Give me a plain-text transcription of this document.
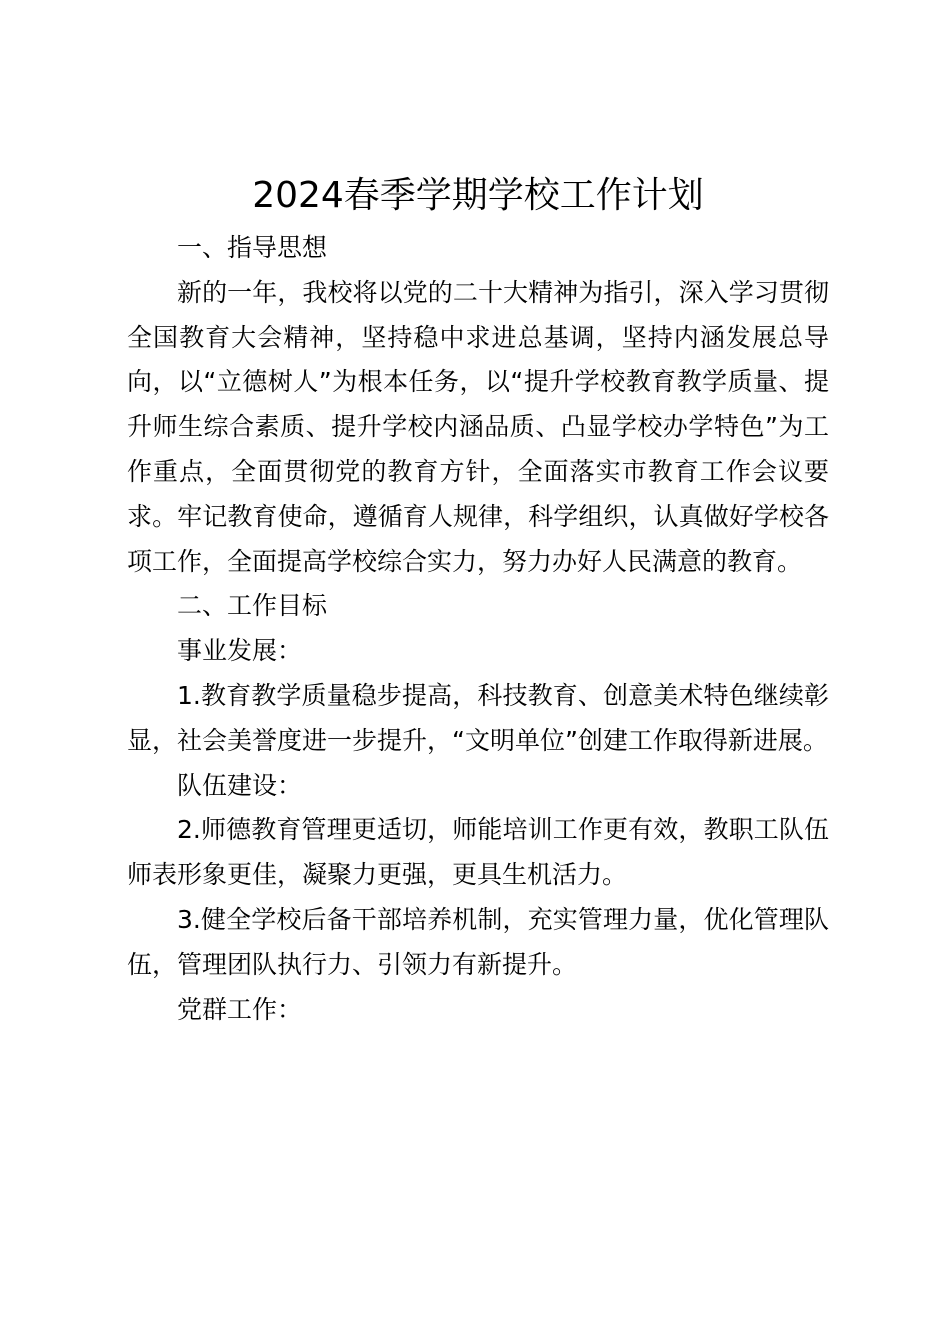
2024春季学期学校工作计划

一、指导思想

新的一年，我校将以党的二十大精神为指引，深入学习贯彻全国教育大会精神，坚持稳中求进总基调，坚持内涵发展总导向，以“立德树人”为根本任务，以“提升学校教育教学质量、提升师生综合素质、提升学校内涵品质、凸显学校办学特色”为工作重点，全面贯彻党的教育方针，全面落实市教育工作会议要求。牢记教育使命，遵循育人规律，科学组织，认真做好学校各项工作，全面提高学校综合实力，努力办好人民满意的教育。

二、工作目标

事业发展：

1.教育教学质量稳步提高，科技教育、创意美术特色继续彰显，社会美誉度进一步提升，“文明单位”创建工作取得新进展。

队伍建设：

2.师德教育管理更适切，师能培训工作更有效，教职工队伍师表形象更佳，凝聚力更强，更具生机活力。

3.健全学校后备干部培养机制，充实管理力量，优化管理队伍，管理团队执行力、引领力有新提升。

党群工作：
